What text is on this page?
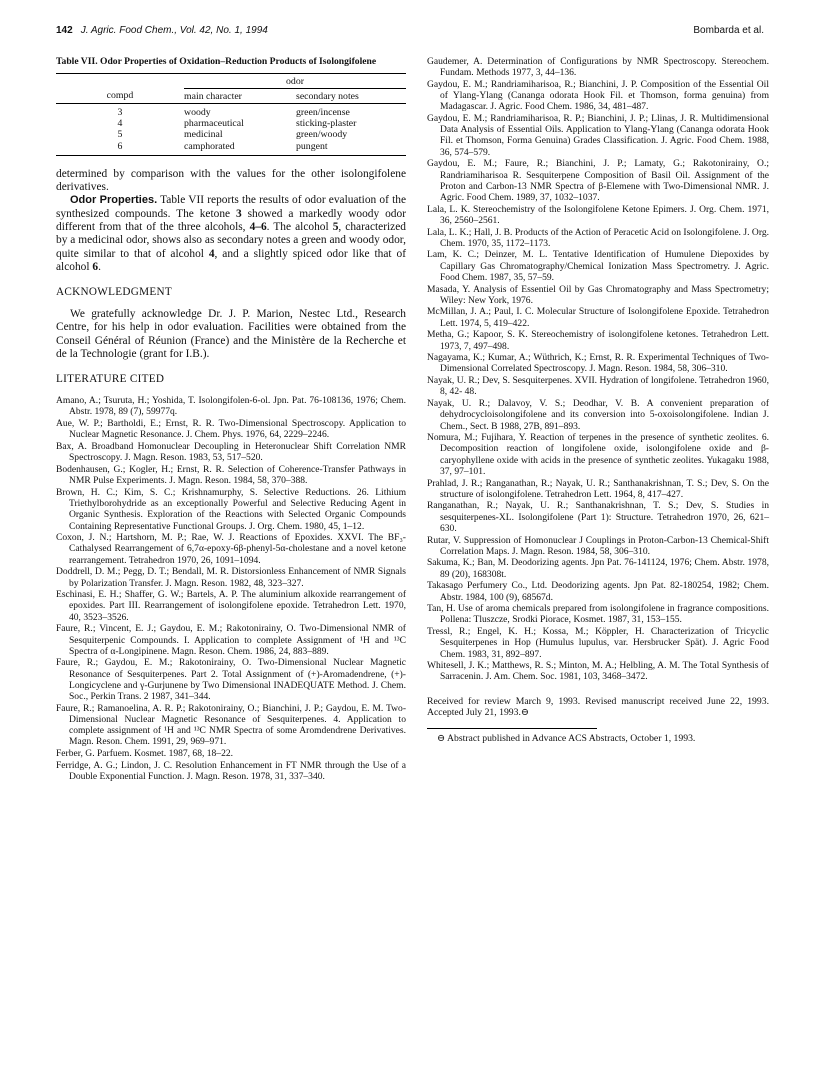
142 J. Agric. Food Chem., Vol. 42, No. 1, 1994	Bombarda et al.
Table VII. Odor Properties of Oxidation–Reduction Products of Isolongifolene
	odor	
compd	main character	secondary notes
3	woody	green/incense
4	pharmaceutical	sticking-plaster
5	medicinal	green/woody
6	camphorated	pungent

determined by comparison with the values for the other isolongifolene derivatives.

Odor Properties. Table VII reports the results of odor evaluation of the synthesized compounds. The ketone 3 showed a markedly woody odor different from that of the three alcohols, 4–6. The alcohol 5, characterized by a medicinal odor, shows also as secondary notes a green and woody odor, quite similar to that of alcohol 4, and a slightly spiced odor like that of alcohol 6.

ACKNOWLEDGMENT

We gratefully acknowledge Dr. J. P. Marion, Nestec Ltd., Research Centre, for his help in odor evaluation. Facilities were obtained from the Conseil Général of Réunion (France) and the Ministère de la Recherche et de la Technologie (grant for I.B.).

LITERATURE CITED
Amano, A.; Tsuruta, H.; Yoshida, T. Isolongifolen-6-ol. Jpn. Pat. 76-108136, 1976; Chem. Abstr. 1978, 89 (7), 59977q.
Aue, W. P.; Bartholdi, E.; Ernst, R. R. Two-Dimensional Spectroscopy. Application to Nuclear Magnetic Resonance. J. Chem. Phys. 1976, 64, 2229–2246.
Bax, A. Broadband Homonuclear Decoupling in Heteronuclear Shift Correlation NMR Spectroscopy. J. Magn. Reson. 1983, 53, 517–520.
Bodenhausen, G.; Kogler, H.; Ernst, R. R. Selection of Coherence-Transfer Pathways in NMR Pulse Experiments. J. Magn. Reson. 1984, 58, 370–388.
Brown, H. C.; Kim, S. C.; Krishnamurphy, S. Selective Reductions. 26. Lithium Triethylborohydride as an exceptionally Powerful and Selective Reducing Agent in Organic Synthesis. Exploration of the Reactions with Selected Organic Compounds Containing Representative Functional Groups. J. Org. Chem. 1980, 45, 1–12.
Coxon, J. N.; Hartshorn, M. P.; Rae, W. J. Reactions of Epoxides. XXVI. The BF₃-Cathalysed Rearrangement of 6,7α-epoxy-6β-phenyl-5α-cholestane and a novel ketone rearrangement. Tetrahedron 1970, 26, 1091–1094.
Doddrell, D. M.; Pegg, D. T.; Bendall, M. R. Distorsionless Enhancement of NMR Signals by Polarization Transfer. J. Magn. Reson. 1982, 48, 323–327.
Eschinasi, E. H.; Shaffer, G. W.; Bartels, A. P. The aluminium alkoxide rearrangement of epoxides. Part III. Rearrangement of isolongifolene epoxide. Tetrahedron Lett. 1970, 40, 3523–3526.
Faure, R.; Vincent, E. J.; Gaydou, E. M.; Rakotonirainy, O. Two-Dimensional NMR of Sesquiterpenic Compounds. I. Application to complete Assignment of ¹H and ¹³C Spectra of α-Longipinene. Magn. Reson. Chem. 1986, 24, 883–889.
Faure, R.; Gaydou, E. M.; Rakotonirainy, O. Two-Dimensional Nuclear Magnetic Resonance of Sesquiterpenes. Part 2. Total Assignment of (+)-Aromadendrene, (+)-Longicyclene and γ-Gurjunene by Two Dimensional INADEQUATE Method. J. Chem. Soc., Perkin Trans. 2 1987, 341–344.
Faure, R.; Ramanoelina, A. R. P.; Rakotonirainy, O.; Bianchini, J. P.; Gaydou, E. M. Two-Dimensional Nuclear Magnetic Resonance of Sesquiterpenes. 4. Application to complete assignment of ¹H and ¹³C NMR Spectra of some Aromdendrene Derivatives. Magn. Reson. Chem. 1991, 29, 969–971.
Ferber, G. Parfuem. Kosmet. 1987, 68, 18–22.
Ferridge, A. G.; Lindon, J. C. Resolution Enhancement in FT NMR through the Use of a Double Exponential Function. J. Magn. Reson. 1978, 31, 337–340.
Gaudemer, A. Determination of Configurations by NMR Spectroscopy. Stereochem. Fundam. Methods 1977, 3, 44–136.
Gaydou, E. M.; Randriamiharisoa, R.; Bianchini, J. P. Composition of the Essential Oil of Ylang-Ylang (Cananga odorata Hook Fil. et Thomson, forma genuina) from Madagascar. J. Agric. Food Chem. 1986, 34, 481–487.
Gaydou, E. M.; Randriamiharisoa, R. P.; Bianchini, J. P.; Llinas, J. R. Multidimensional Data Analysis of Essential Oils. Application to Ylang-Ylang (Cananga odorata Hook Fil. et Thomson, Forma Genuina) Grades Classification. J. Agric. Food Chem. 1988, 36, 574–579.
Gaydou, E. M.; Faure, R.; Bianchini, J. P.; Lamaty, G.; Rakotonirainy, O.; Randriamiharisoa R. Sesquiterpene Composition of Basil Oil. Assignment of the Proton and Carbon-13 NMR Spectra of β-Elemene with Two-Dimensional NMR. J. Agric. Food Chem. 1989, 37, 1032–1037.
Lala, L. K. Stereochemistry of the Isolongifolene Ketone Epimers. J. Org. Chem. 1971, 36, 2560–2561.
Lala, L. K.; Hall, J. B. Products of the Action of Peracetic Acid on Isolongifolene. J. Org. Chem. 1970, 35, 1172–1173.
Lam, K. C.; Deinzer, M. L. Tentative Identification of Humulene Diepoxides by Capillary Gas Chromatography/Chemical Ionization Mass Spectrometry. J. Agric. Food Chem. 1987, 35, 57–59.
Masada, Y. Analysis of Essentiel Oil by Gas Chromatography and Mass Spectrometry; Wiley: New York, 1976.
McMillan, J. A.; Paul, I. C. Molecular Structure of Isolongifolene Epoxide. Tetrahedron Lett. 1974, 5, 419–422.
Metha, G.; Kapoor, S. K. Stereochemistry of isolongifolene ketones. Tetrahedron Lett. 1973, 7, 497–498.
Nagayama, K.; Kumar, A.; Wüthrich, K.; Ernst, R. R. Experimental Techniques of Two-Dimensional Correlated Spectroscopy. J. Magn. Reson. 1984, 58, 306–310.
Nayak, U. R.; Dev, S. Sesquiterpenes. XVII. Hydration of longifolene. Tetrahedron 1960, 8, 42- 48.
Nayak, U. R.; Dalavoy, V. S.; Deodhar, V. B. A convenient preparation of dehydrocycloisolongifolene and its conversion into 5-oxoisolongifolene. Indian J. Chem., Sect. B 1988, 27B, 891–893.
Nomura, M.; Fujihara, Y. Reaction of terpenes in the presence of synthetic zeolites. 6. Decomposition reaction of longifolene oxide, isolongifolene oxide and β-caryophyllene oxide with acids in the presence of synthetic zeolites. Yukagaku 1988, 37, 97–101.
Prahlad, J. R.; Ranganathan, R.; Nayak, U. R.; Santhanakrishnan, T. S.; Dev, S. On the structure of isolongifolene. Tetrahedron Lett. 1964, 8, 417–427.
Ranganathan, R.; Nayak, U. R.; Santhanakrishnan, T. S.; Dev, S. Studies in sesquiterpenes-XL. Isolongifolene (Part 1): Structure. Tetrahedron 1970, 26, 621–630.
Rutar, V. Suppression of Homonuclear J Couplings in Proton-Carbon-13 Chemical-Shift Correlation Maps. J. Magn. Reson. 1984, 58, 306–310.
Sakuma, K.; Ban, M. Deodorizing agents. Jpn Pat. 76-141124, 1976; Chem. Abstr. 1978, 89 (20), 168308t.
Takasago Perfumery Co., Ltd. Deodorizing agents. Jpn Pat. 82-180254, 1982; Chem. Abstr. 1984, 100 (9), 68567d.
Tan, H. Use of aroma chemicals prepared from isolongifolene in fragrance compositions. Pollena: Tluszcze, Srodki Piorace, Kosmet. 1987, 31, 153–155.
Tressl, R.; Engel, K. H.; Kossa, M.; Köppler, H. Characterization of Tricyclic Sesquiterpenes in Hop (Humulus lupulus, var. Hersbrucker Spät). J. Agric Food Chem. 1983, 31, 892–897.
Whitesell, J. K.; Matthews, R. S.; Minton, M. A.; Helbling, A. M. The Total Synthesis of Sarracenin. J. Am. Chem. Soc. 1981, 103, 3468–3472.

Received for review March 9, 1993. Revised manuscript received June 22, 1993. Accepted July 21, 1993.⊖

⊖ Abstract published in Advance ACS Abstracts, October 1, 1993.
